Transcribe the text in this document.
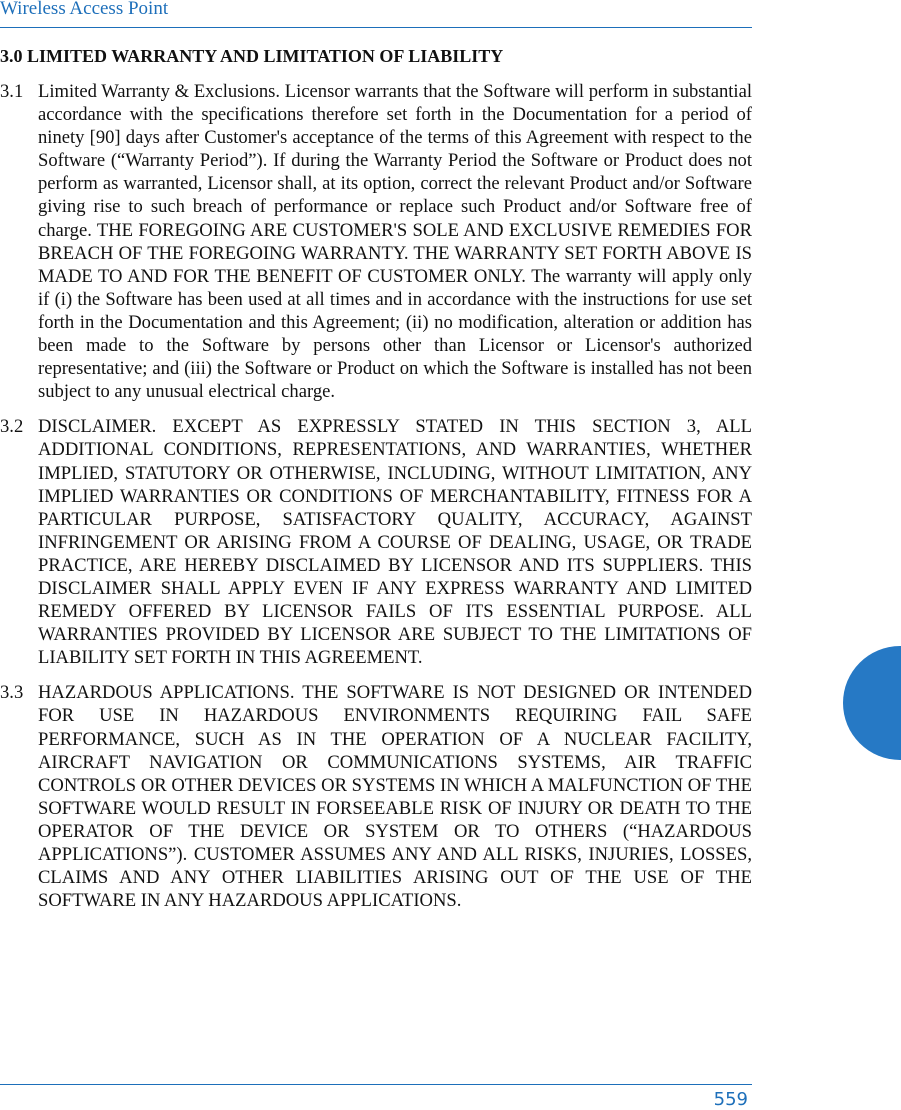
Wireless Access Point
3.0 LIMITED WARRANTY AND LIMITATION OF LIABILITY
3.1 Limited Warranty & Exclusions. Licensor warrants that the Software will perform in substantial accordance with the specifications therefore set forth in the Documentation for a period of ninety [90] days after Customer's acceptance of the terms of this Agreement with respect to the Software (“Warranty Period”). If during the Warranty Period the Software or Product does not perform as warranted, Licensor shall, at its option, correct the relevant Product and/or Software giving rise to such breach of performance or replace such Product and/or Software free of charge. THE FOREGOING ARE CUSTOMER'S SOLE AND EXCLUSIVE REMEDIES FOR BREACH OF THE FOREGOING WARRANTY. THE WARRANTY SET FORTH ABOVE IS MADE TO AND FOR THE BENEFIT OF CUSTOMER ONLY. The warranty will apply only if (i) the Software has been used at all times and in accordance with the instructions for use set forth in the Documentation and this Agreement; (ii) no modification, alteration or addition has been made to the Software by persons other than Licensor or Licensor's authorized representative; and (iii) the Software or Product on which the Software is installed has not been subject to any unusual electrical charge.
3.2 DISCLAIMER. EXCEPT AS EXPRESSLY STATED IN THIS SECTION 3, ALL ADDITIONAL CONDITIONS, REPRESENTATIONS, AND WARRANTIES, WHETHER IMPLIED, STATUTORY OR OTHERWISE, INCLUDING, WITHOUT LIMITATION, ANY IMPLIED WARRANTIES OR CONDITIONS OF MERCHANTABILITY, FITNESS FOR A PARTICULAR PURPOSE, SATISFACTORY QUALITY, ACCURACY, AGAINST INFRINGEMENT OR ARISING FROM A COURSE OF DEALING, USAGE, OR TRADE PRACTICE, ARE HEREBY DISCLAIMED BY LICENSOR AND ITS SUPPLIERS. THIS DISCLAIMER SHALL APPLY EVEN IF ANY EXPRESS WARRANTY AND LIMITED REMEDY OFFERED BY LICENSOR FAILS OF ITS ESSENTIAL PURPOSE. ALL WARRANTIES PROVIDED BY LICENSOR ARE SUBJECT TO THE LIMITATIONS OF LIABILITY SET FORTH IN THIS AGREEMENT.
3.3 HAZARDOUS APPLICATIONS. THE SOFTWARE IS NOT DESIGNED OR INTENDED FOR USE IN HAZARDOUS ENVIRONMENTS REQUIRING FAIL SAFE PERFORMANCE, SUCH AS IN THE OPERATION OF A NUCLEAR FACILITY, AIRCRAFT NAVIGATION OR COMMUNICATIONS SYSTEMS, AIR TRAFFIC CONTROLS OR OTHER DEVICES OR SYSTEMS IN WHICH A MALFUNCTION OF THE SOFTWARE WOULD RESULT IN FORSEEABLE RISK OF INJURY OR DEATH TO THE OPERATOR OF THE DEVICE OR SYSTEM OR TO OTHERS (“HAZARDOUS APPLICATIONS”). CUSTOMER ASSUMES ANY AND ALL RISKS, INJURIES, LOSSES, CLAIMS AND ANY OTHER LIABILITIES ARISING OUT OF THE USE OF THE SOFTWARE IN ANY HAZARDOUS APPLICATIONS.
559
